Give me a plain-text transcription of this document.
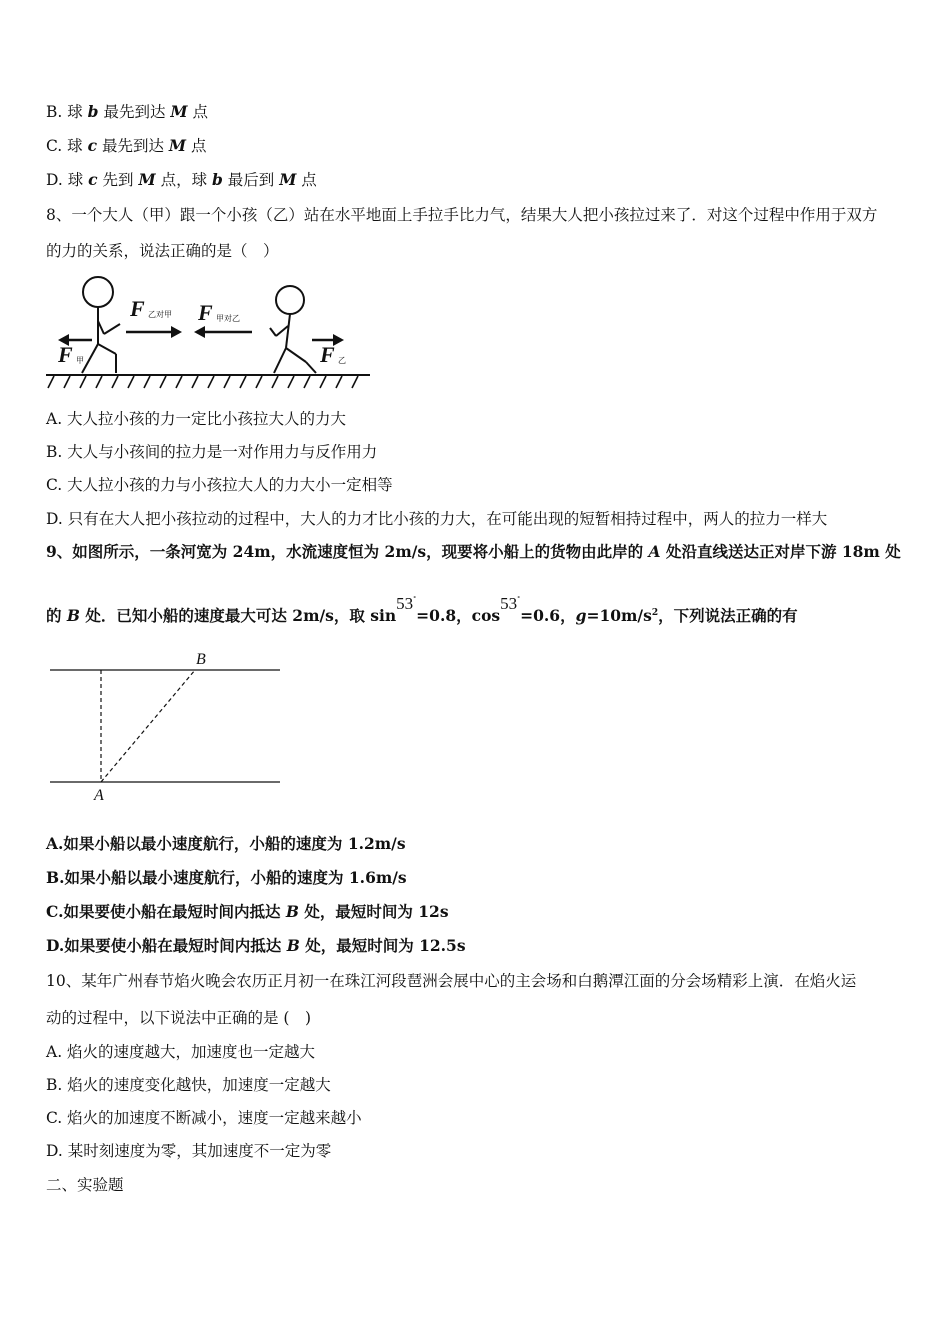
B. 球 b 最先到达 M 点
C. 球 c 最先到达 M 点
D. 球 c 先到 M 点，球 b 最后到 M 点
8、一个大人（甲）跟一个小孩（乙）站在水平地面上手拉手比力气，结果大人把小孩拉过来了．对这个过程中作用于双方
的力的关系，说法正确的是（　）
F 乙对甲 F 甲对乙
F 甲	F 乙
A. 大人拉小孩的力一定比小孩拉大人的力大
B. 大人与小孩间的拉力是一对作用力与反作用力
C. 大人拉小孩的力与小孩拉大人的力大小一定相等
D. 只有在大人把小孩拉动的过程中，大人的力才比小孩的力大，在可能出现的短暂相持过程中，两人的拉力一样大
9、如图所示，一条河宽为 24m，水流速度恒为 2m/s，现要将小船上的货物由此岸的 A 处沿直线送达正对岸下游 18m 处
的 B 处．已知小船的速度最大可达 2m/s，取 sin53°=0.8，cos53°=0.6，$g=10m/s^2$，下列说法正确的有
B
A
A.如果小船以最小速度航行，小船的速度为 1.2m/s
B.如果小船以最小速度航行，小船的速度为 1.6m/s
C.如果要使小船在最短时间内抵达 B 处，最短时间为 12s
D.如果要使小船在最短时间内抵达 B 处，最短时间为 12.5s
10、某年广州春节焰火晚会农历正月初一在珠江河段琶洲会展中心的主会场和白鹅潭江面的分会场精彩上演．在焰火运
动的过程中，以下说法中正确的是 (　)
A. 焰火的速度越大，加速度也一定越大
B. 焰火的速度变化越快，加速度一定越大
C. 焰火的加速度不断减小，速度一定越来越小
D. 某时刻速度为零，其加速度不一定为零
二、实验题
